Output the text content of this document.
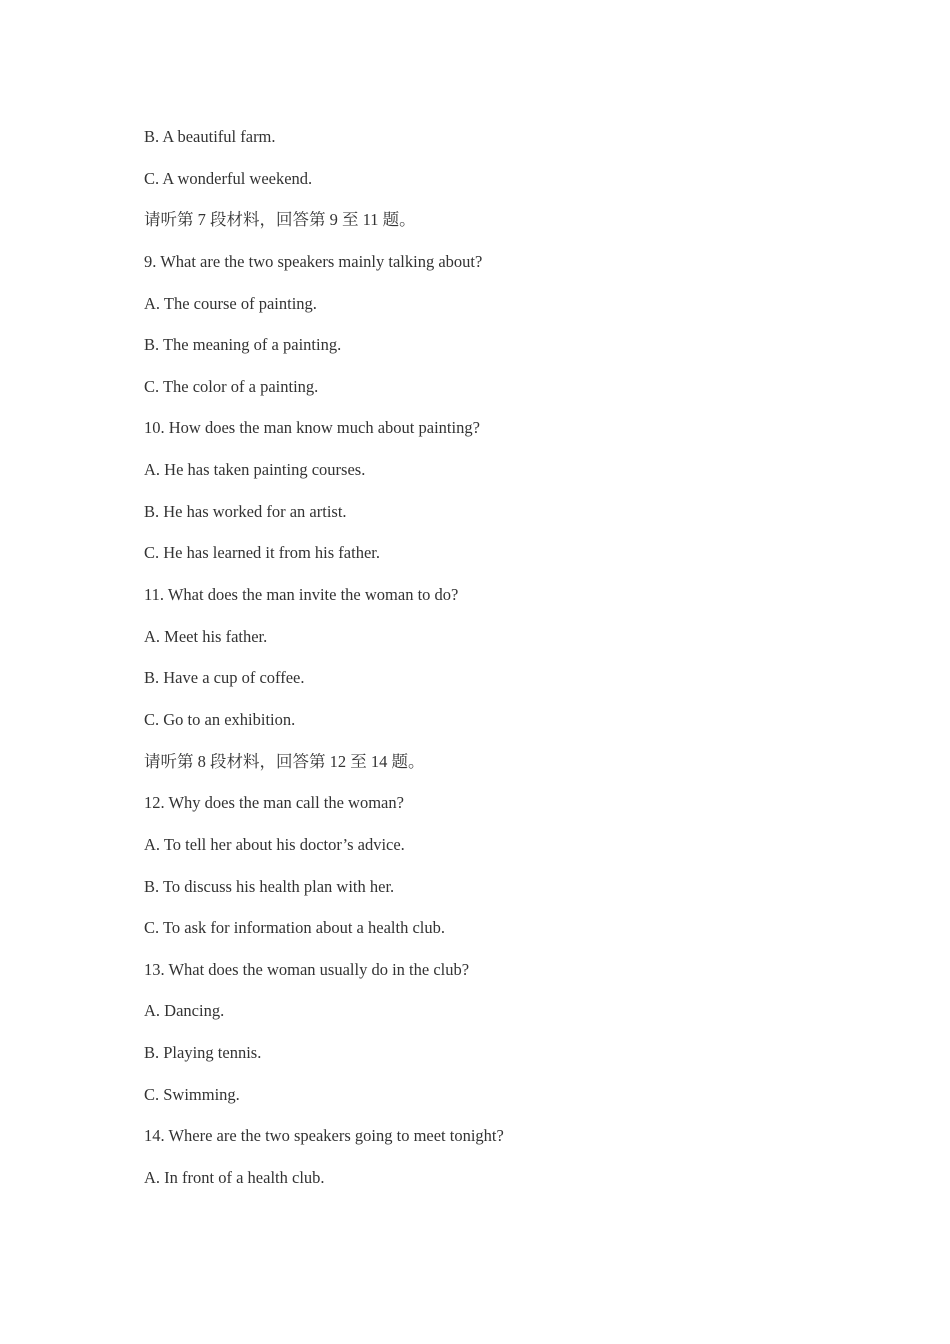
B. A beautiful farm.

C. A wonderful weekend.

请听第 7 段材料，回答第 9 至 11 题。

9. What are the two speakers mainly talking about?

A. The course of painting.

B. The meaning of a painting.

C. The color of a painting.

10. How does the man know much about painting?

A. He has taken painting courses.

B. He has worked for an artist.

C. He has learned it from his father.

11. What does the man invite the woman to do?

A. Meet his father.

B. Have a cup of coffee.

C. Go to an exhibition.

请听第 8 段材料，回答第 12 至 14 题。

12. Why does the man call the woman?

A. To tell her about his doctor’s advice.

B. To discuss his health plan with her.

C. To ask for information about a health club.

13. What does the woman usually do in the club?

A. Dancing.

B. Playing tennis.

C. Swimming.

14. Where are the two speakers going to meet tonight?

A. In front of a health club.
